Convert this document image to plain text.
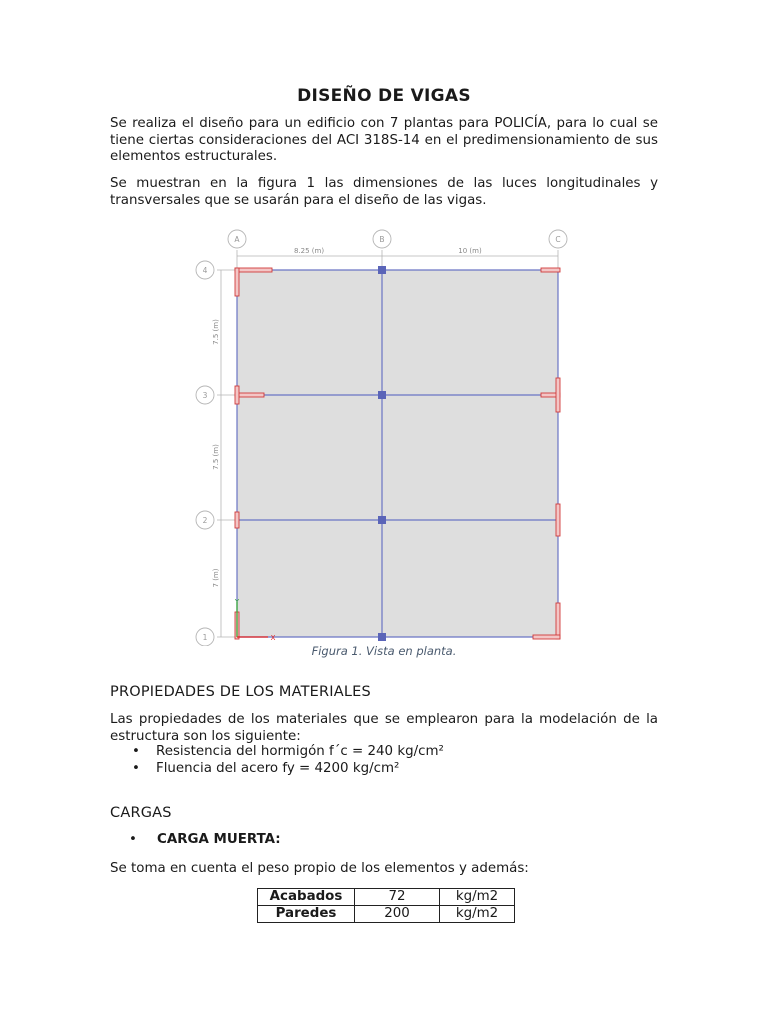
DISEÑO DE VIGAS

Se realiza el diseño para un edificio con 7 plantas para POLICÍA, para lo cual se tiene ciertas consideraciones del ACI 318S-14 en el predimensionamiento de sus elementos estructurales.

Se muestran en la figura 1 las dimensiones de las luces longitudinales y transversales que se usarán para el diseño de las vigas.

8.25 (m)	10 (m)
7.5 (m)
7.5 (m)
7 (m)
A	B	C
4
3
2
1
Y
X
Figura 1. Vista en planta.
PROPIEDADES DE LOS MATERIALES

Las propiedades de los materiales que se emplearon para la modelación de la estructura son los siguiente:

• Resistencia del hormigón f´c = 240 kg/cm²
• Fluencia del acero fy = 4200 kg/cm²
CARGAS
• CARGA MUERTA:

Se toma en cuenta el peso propio de los elementos y además:

Acabados	72	kg/m2
Paredes	200	kg/m2
